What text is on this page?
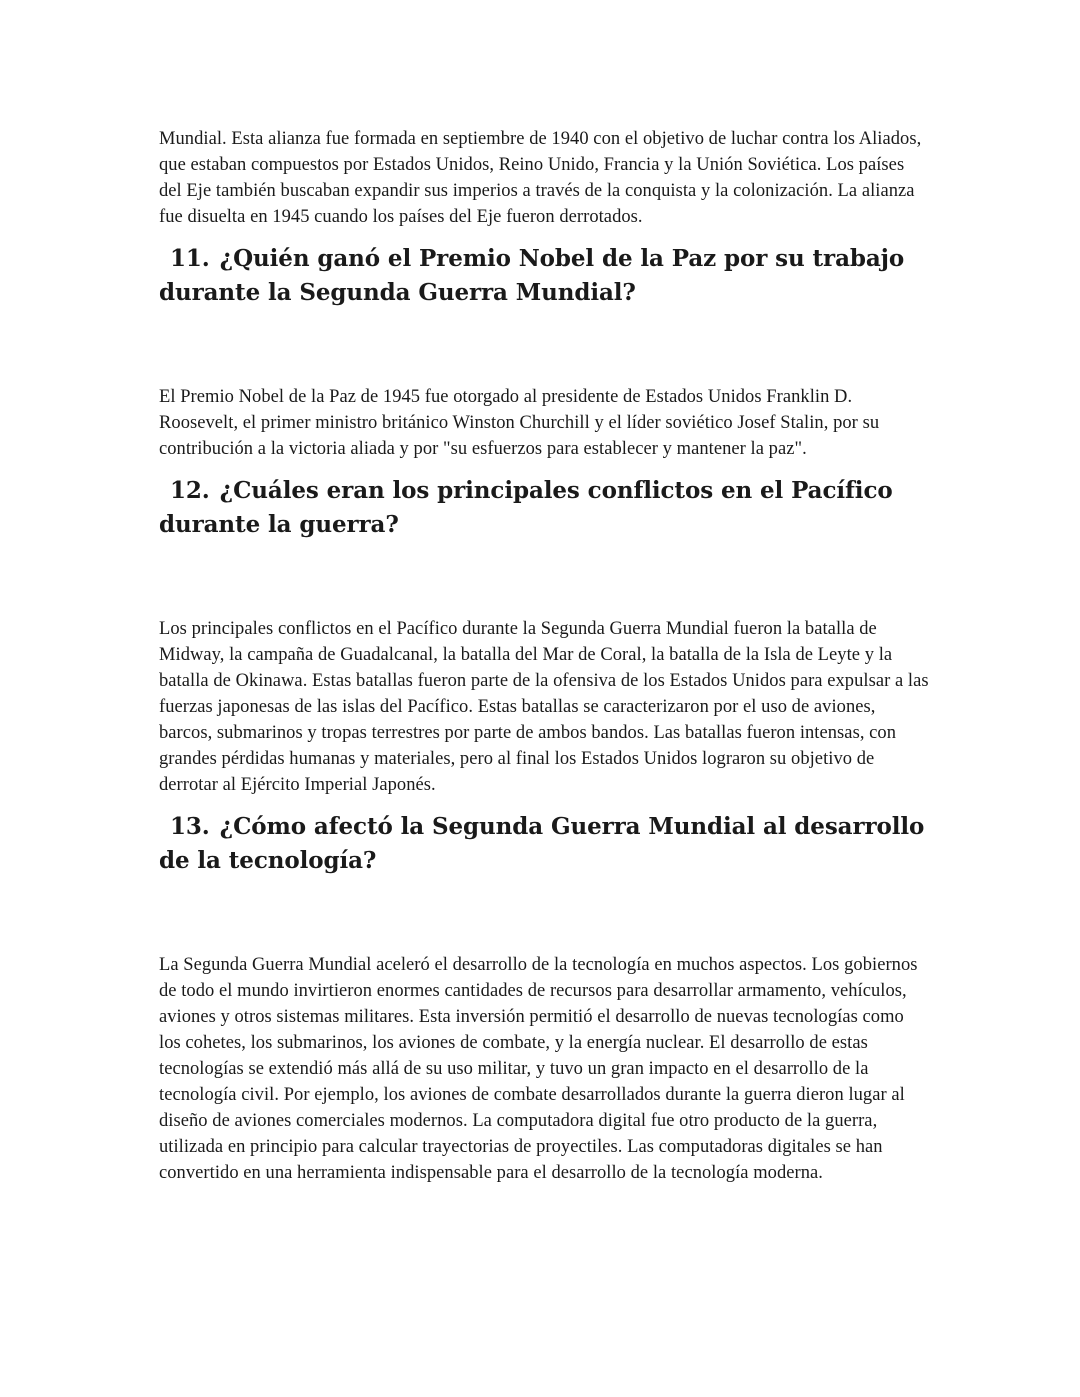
Mundial. Esta alianza fue formada en septiembre de 1940 con el objetivo de luchar contra los Aliados, que estaban compuestos por Estados Unidos, Reino Unido, Francia y la Unión Soviética. Los países del Eje también buscaban expandir sus imperios a través de la conquista y la colonización. La alianza fue disuelta en 1945 cuando los países del Eje fueron derrotados.

11. ¿Quién ganó el Premio Nobel de la Paz por su trabajo durante la Segunda Guerra Mundial?

El Premio Nobel de la Paz de 1945 fue otorgado al presidente de Estados Unidos Franklin D. Roosevelt, el primer ministro británico Winston Churchill y el líder soviético Josef Stalin, por su contribución a la victoria aliada y por "su esfuerzos para establecer y mantener la paz".

12. ¿Cuáles eran los principales conflictos en el Pacífico durante la guerra?

Los principales conflictos en el Pacífico durante la Segunda Guerra Mundial fueron la batalla de Midway, la campaña de Guadalcanal, la batalla del Mar de Coral, la batalla de la Isla de Leyte y la batalla de Okinawa. Estas batallas fueron parte de la ofensiva de los Estados Unidos para expulsar a las fuerzas japonesas de las islas del Pacífico. Estas batallas se caracterizaron por el uso de aviones, barcos, submarinos y tropas terrestres por parte de ambos bandos. Las batallas fueron intensas, con grandes pérdidas humanas y materiales, pero al final los Estados Unidos lograron su objetivo de derrotar al Ejército Imperial Japonés.

13. ¿Cómo afectó la Segunda Guerra Mundial al desarrollo de la tecnología?

La Segunda Guerra Mundial aceleró el desarrollo de la tecnología en muchos aspectos. Los gobiernos de todo el mundo invirtieron enormes cantidades de recursos para desarrollar armamento, vehículos, aviones y otros sistemas militares. Esta inversión permitió el desarrollo de nuevas tecnologías como los cohetes, los submarinos, los aviones de combate, y la energía nuclear. El desarrollo de estas tecnologías se extendió más allá de su uso militar, y tuvo un gran impacto en el desarrollo de la tecnología civil. Por ejemplo, los aviones de combate desarrollados durante la guerra dieron lugar al diseño de aviones comerciales modernos. La computadora digital fue otro producto de la guerra, utilizada en principio para calcular trayectorias de proyectiles. Las computadoras digitales se han convertido en una herramienta indispensable para el desarrollo de la tecnología moderna.
